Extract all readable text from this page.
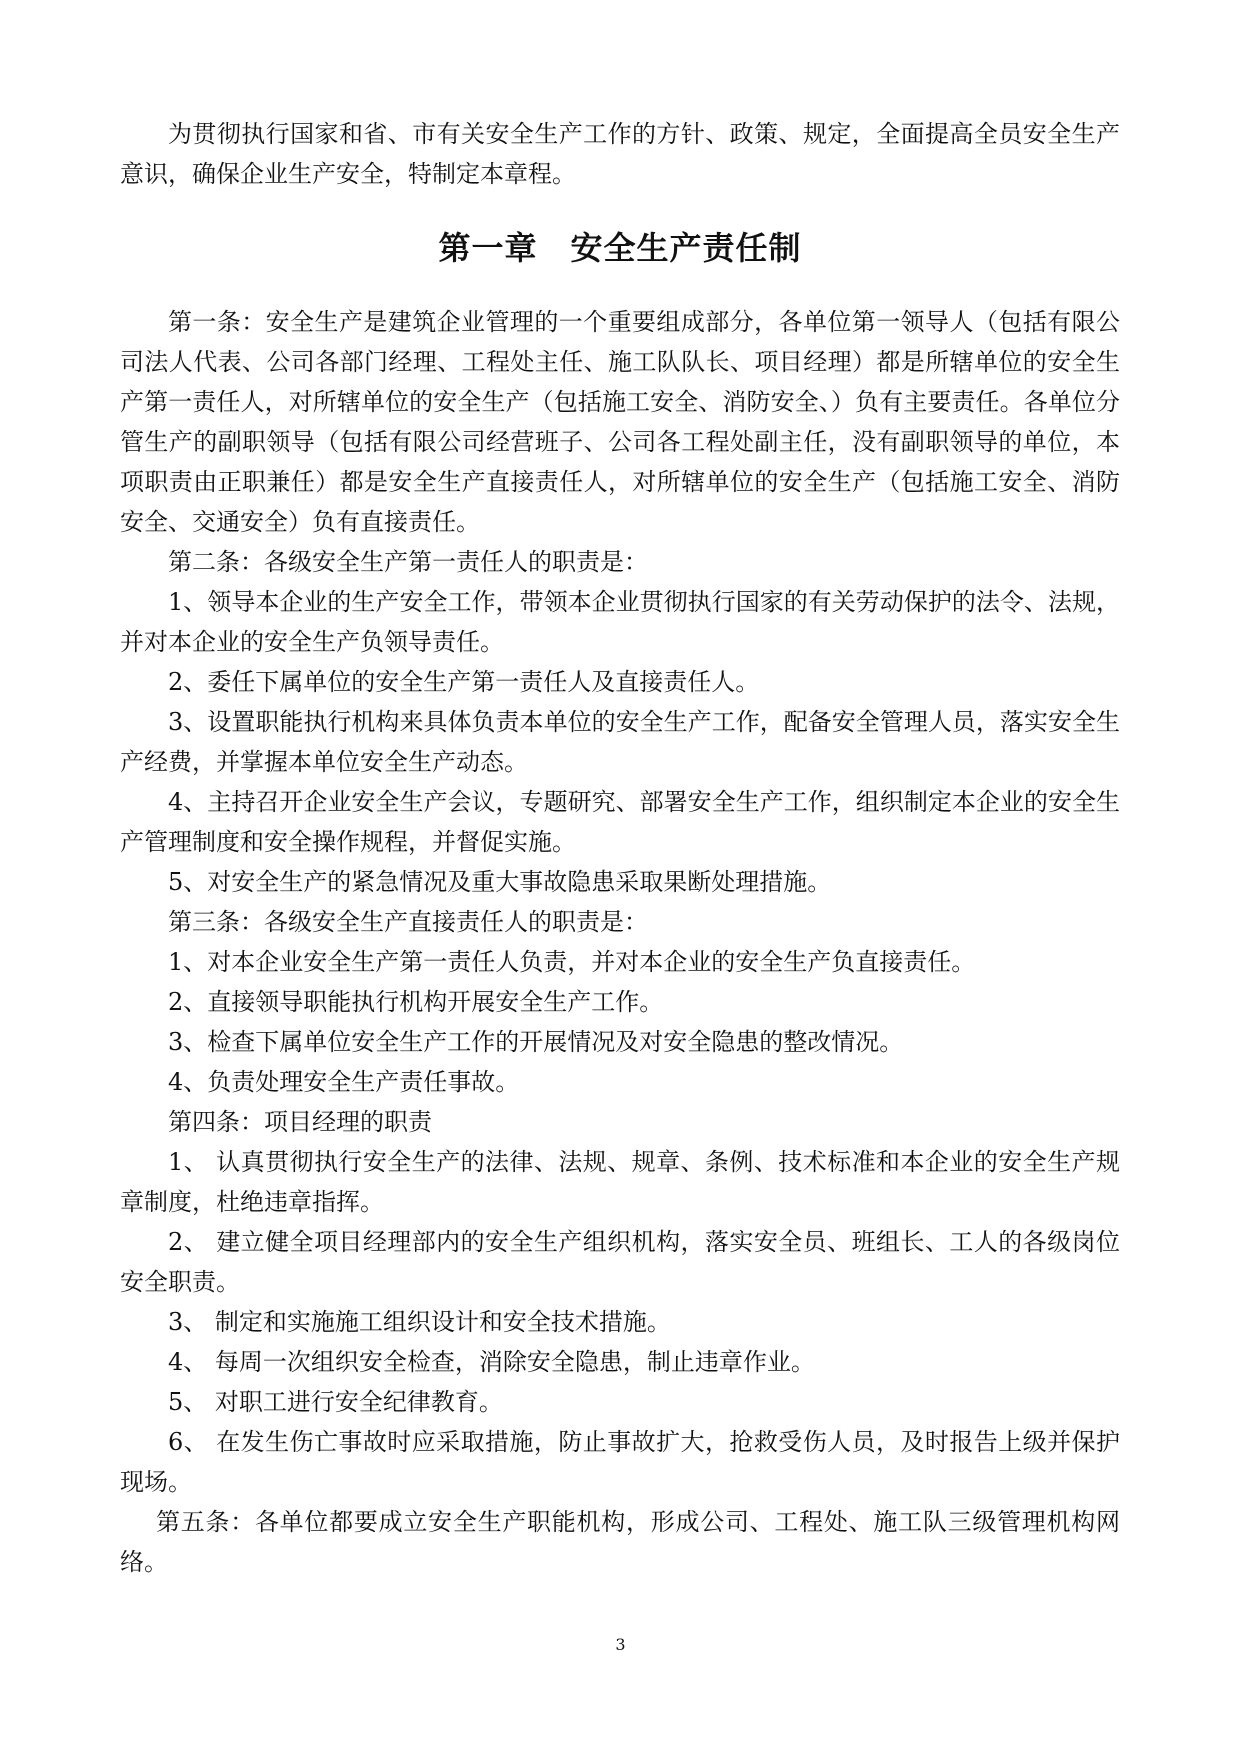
为贯彻执行国家和省、市有关安全生产工作的方针、政策、规定，全面提高全员安全生产意识，确保企业生产安全，特制定本章程。

第一章　安全生产责任制

第一条：安全生产是建筑企业管理的一个重要组成部分，各单位第一领导人（包括有限公司法人代表、公司各部门经理、工程处主任、施工队队长、项目经理）都是所辖单位的安全生产第一责任人，对所辖单位的安全生产（包括施工安全、消防安全、）负有主要责任。各单位分管生产的副职领导（包括有限公司经营班子、公司各工程处副主任，没有副职领导的单位，本项职责由正职兼任）都是安全生产直接责任人，对所辖单位的安全生产（包括施工安全、消防安全、交通安全）负有直接责任。

第二条：各级安全生产第一责任人的职责是：

1、领导本企业的生产安全工作，带领本企业贯彻执行国家的有关劳动保护的法令、法规，并对本企业的安全生产负领导责任。

2、委任下属单位的安全生产第一责任人及直接责任人。

3、设置职能执行机构来具体负责本单位的安全生产工作，配备安全管理人员，落实安全生产经费，并掌握本单位安全生产动态。

4、主持召开企业安全生产会议，专题研究、部署安全生产工作，组织制定本企业的安全生产管理制度和安全操作规程，并督促实施。

5、对安全生产的紧急情况及重大事故隐患采取果断处理措施。

第三条：各级安全生产直接责任人的职责是：

1、对本企业安全生产第一责任人负责，并对本企业的安全生产负直接责任。

2、直接领导职能执行机构开展安全生产工作。

3、检查下属单位安全生产工作的开展情况及对安全隐患的整改情况。

4、负责处理安全生产责任事故。

第四条：项目经理的职责

1、 认真贯彻执行安全生产的法律、法规、规章、条例、技术标准和本企业的安全生产规章制度，杜绝违章指挥。

2、 建立健全项目经理部内的安全生产组织机构，落实安全员、班组长、工人的各级岗位安全职责。

3、 制定和实施施工组织设计和安全技术措施。

4、 每周一次组织安全检查，消除安全隐患，制止违章作业。

5、 对职工进行安全纪律教育。

6、 在发生伤亡事故时应采取措施，防止事故扩大，抢救受伤人员，及时报告上级并保护现场。

第五条：各单位都要成立安全生产职能机构，形成公司、工程处、施工队三级管理机构网络。

3
